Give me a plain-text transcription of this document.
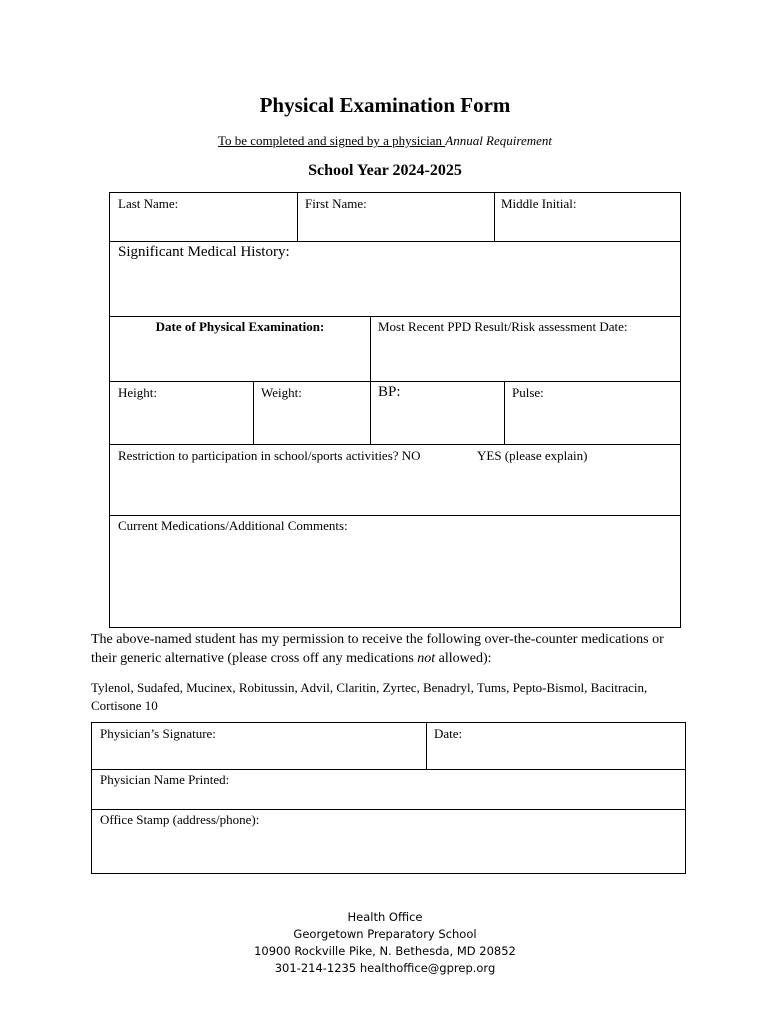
Physical Examination Form
To be completed and signed by a physician Annual Requirement
School Year 2024-2025
Last Name:	First Name:	Middle Initial:
Significant Medical History:
Date of Physical Examination:	Most Recent PPD Result/Risk assessment Date:
Height:	Weight:	BP:	Pulse:
Restriction to participation in school/sports activities? NO	YES (please explain)
Current Medications/Additional Comments:
The above-named student has my permission to receive the following over-the-counter medications or their generic alternative (please cross off any medications not allowed):
Tylenol, Sudafed, Mucinex, Robitussin, Advil, Claritin, Zyrtec, Benadryl, Tums, Pepto-Bismol, Bacitracin, Cortisone 10
Physician’s Signature:	Date:
Physician Name Printed:
Office Stamp (address/phone):
Health Office
Georgetown Preparatory School
10900 Rockville Pike, N. Bethesda, MD 20852
301-214-1235 healthoffice@gprep.org
